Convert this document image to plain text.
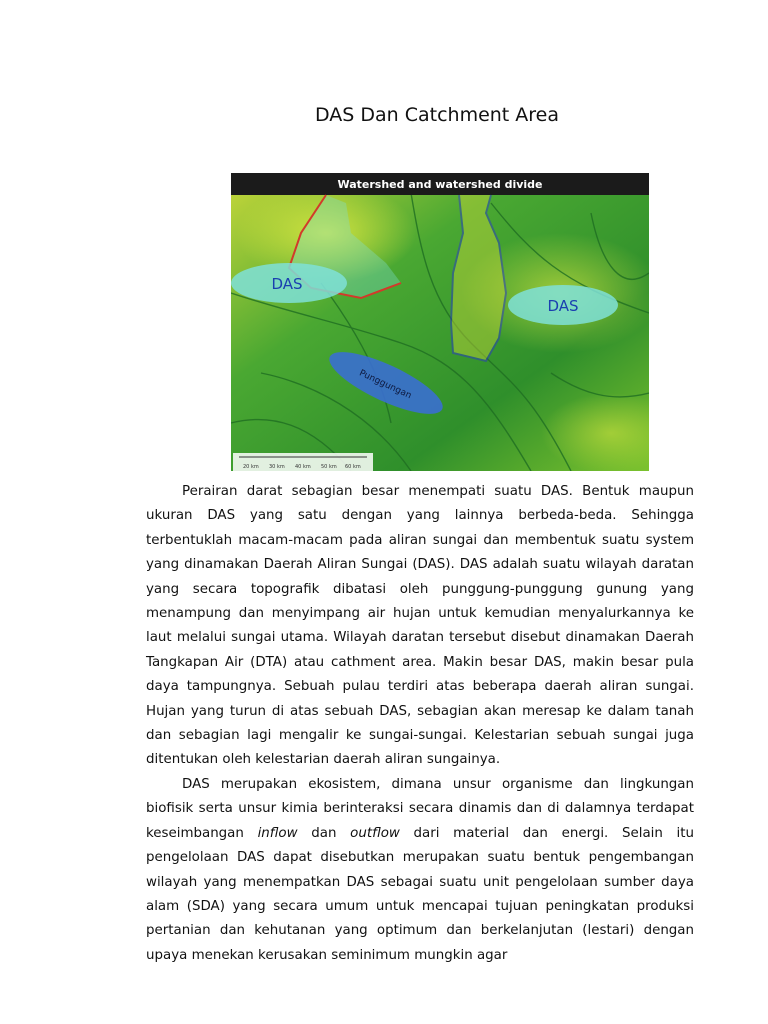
DAS Dan Catchment Area
Watershed and watershed divide
DAS
DAS
Punggungan
20 km 30 km 40 km 50 km 60 km

Perairan darat sebagian besar menempati suatu DAS. Bentuk maupun ukuran DAS yang satu dengan yang lainnya berbeda-beda. Sehingga terbentuklah macam-macam pada aliran sungai dan membentuk suatu system yang dinamakan Daerah Aliran Sungai (DAS). DAS adalah suatu wilayah daratan yang secara topografik dibatasi oleh punggung-punggung gunung yang menampung dan menyimpang air hujan untuk kemudian menyalurkannya ke laut melalui sungai utama. Wilayah daratan tersebut disebut dinamakan Daerah Tangkapan Air (DTA) atau cathment area. Makin besar DAS, makin besar pula daya tampungnya. Sebuah pulau terdiri atas beberapa daerah aliran sungai. Hujan yang turun di atas sebuah DAS, sebagian akan meresap ke dalam tanah dan sebagian lagi mengalir ke sungai-sungai. Kelestarian sebuah sungai juga ditentukan oleh kelestarian daerah aliran sungainya.

DAS merupakan ekosistem, dimana unsur organisme dan lingkungan biofisik serta unsur kimia berinteraksi secara dinamis dan di dalamnya terdapat keseimbangan inflow dan outflow dari material dan energi. Selain itu pengelolaan DAS dapat disebutkan merupakan suatu bentuk pengembangan wilayah yang menempatkan DAS sebagai suatu unit pengelolaan sumber daya alam (SDA) yang secara umum untuk mencapai tujuan peningkatan produksi pertanian dan kehutanan yang optimum dan berkelanjutan (lestari) dengan upaya menekan kerusakan seminimum mungkin agar
